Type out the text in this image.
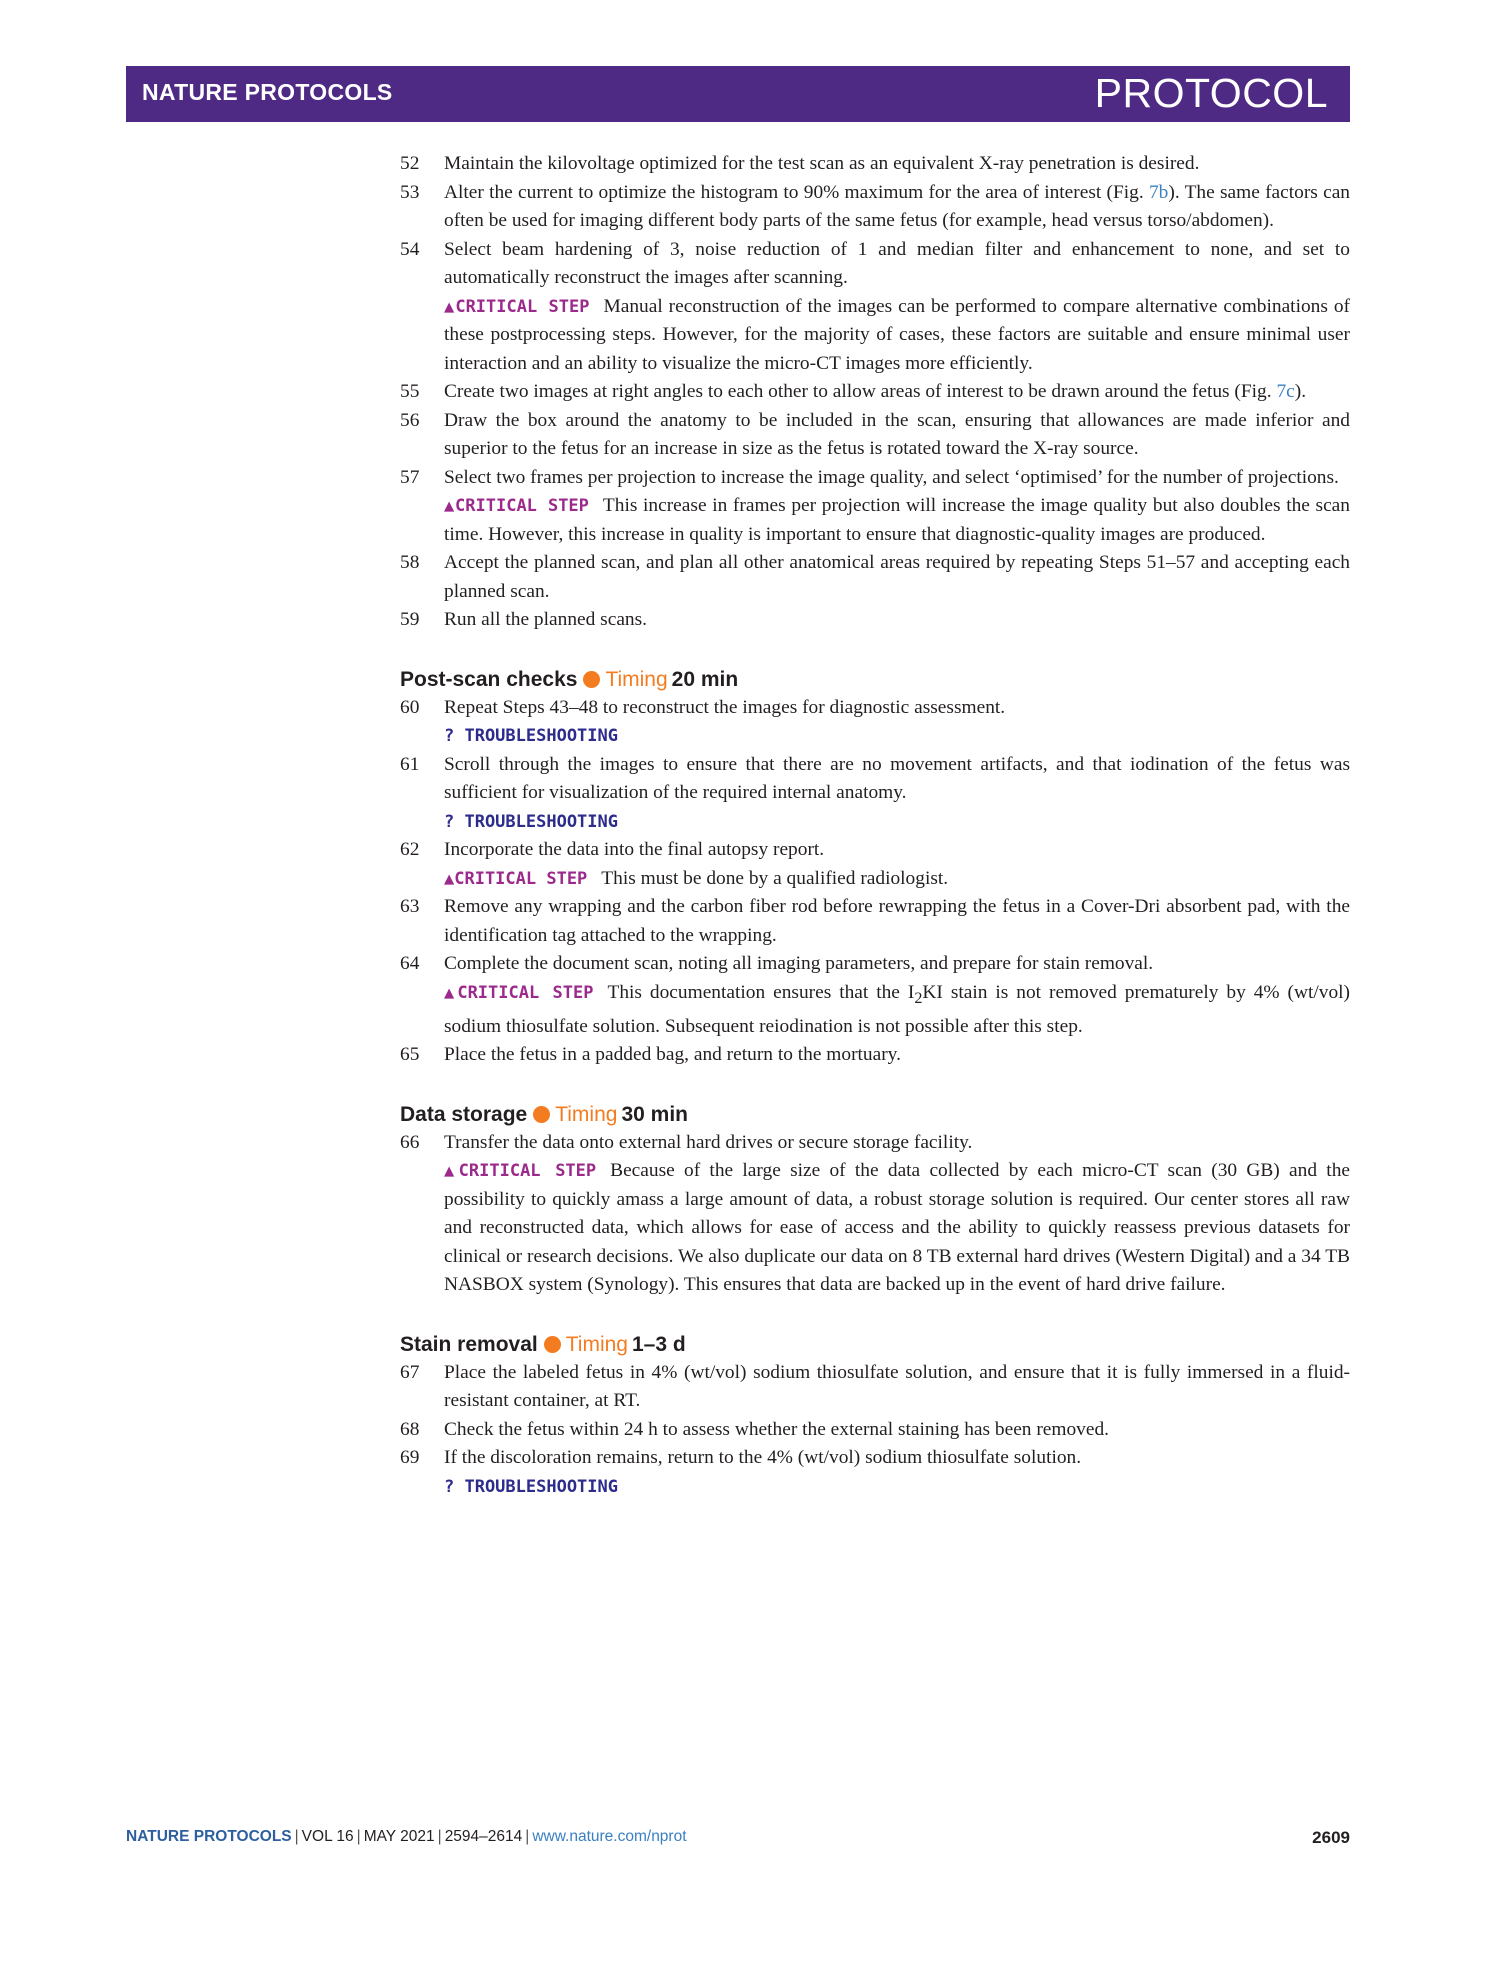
NATURE PROTOCOLS	PROTOCOL
52	Maintain the kilovoltage optimized for the test scan as an equivalent X-ray penetration is desired.
53	Alter the current to optimize the histogram to 90% maximum for the area of interest (Fig. 7b). The same factors can often be used for imaging different body parts of the same fetus (for example, head versus torso/abdomen).
54	Select beam hardening of 3, noise reduction of 1 and median filter and enhancement to none, and set to automatically reconstruct the images after scanning.
▲CRITICAL STEP Manual reconstruction of the images can be performed to compare alternative combinations of these postprocessing steps. However, for the majority of cases, these factors are suitable and ensure minimal user interaction and an ability to visualize the micro-CT images more efficiently.
55	Create two images at right angles to each other to allow areas of interest to be drawn around the fetus (Fig. 7c).
56	Draw the box around the anatomy to be included in the scan, ensuring that allowances are made inferior and superior to the fetus for an increase in size as the fetus is rotated toward the X-ray source.
57	Select two frames per projection to increase the image quality, and select ‘optimised’ for the number of projections.
▲CRITICAL STEP This increase in frames per projection will increase the image quality but also doubles the scan time. However, this increase in quality is important to ensure that diagnostic-quality images are produced.
58	Accept the planned scan, and plan all other anatomical areas required by repeating Steps 51–57 and accepting each planned scan.
59	Run all the planned scans.
Post-scan checks Timing 20 min
60	Repeat Steps 43–48 to reconstruct the images for diagnostic assessment.
? TROUBLESHOOTING
61	Scroll through the images to ensure that there are no movement artifacts, and that iodination of the fetus was sufficient for visualization of the required internal anatomy.
? TROUBLESHOOTING
62	Incorporate the data into the final autopsy report.
▲CRITICAL STEP This must be done by a qualified radiologist.
63	Remove any wrapping and the carbon fiber rod before rewrapping the fetus in a Cover-Dri absorbent pad, with the identification tag attached to the wrapping.
64	Complete the document scan, noting all imaging parameters, and prepare for stain removal.
▲CRITICAL STEP This documentation ensures that the $I_2KI$ stain is not removed prematurely by 4% (wt/vol) sodium thiosulfate solution. Subsequent reiodination is not possible after this step.
65	Place the fetus in a padded bag, and return to the mortuary.
Data storage Timing 30 min
66	Transfer the data onto external hard drives or secure storage facility.
▲CRITICAL STEP Because of the large size of the data collected by each micro-CT scan (30 GB) and the possibility to quickly amass a large amount of data, a robust storage solution is required. Our center stores all raw and reconstructed data, which allows for ease of access and the ability to quickly reassess previous datasets for clinical or research decisions. We also duplicate our data on 8 TB external hard drives (Western Digital) and a 34 TB NASBOX system (Synology). This ensures that data are backed up in the event of hard drive failure.
Stain removal Timing 1–3 d
67	Place the labeled fetus in 4% (wt/vol) sodium thiosulfate solution, and ensure that it is fully immersed in a fluid-resistant container, at RT.
68	Check the fetus within 24 h to assess whether the external staining has been removed.
69	If the discoloration remains, return to the 4% (wt/vol) sodium thiosulfate solution.
? TROUBLESHOOTING
NATURE PROTOCOLS | VOL 16 | MAY 2021 | 2594–2614 | www.nature.com/nprot	2609
